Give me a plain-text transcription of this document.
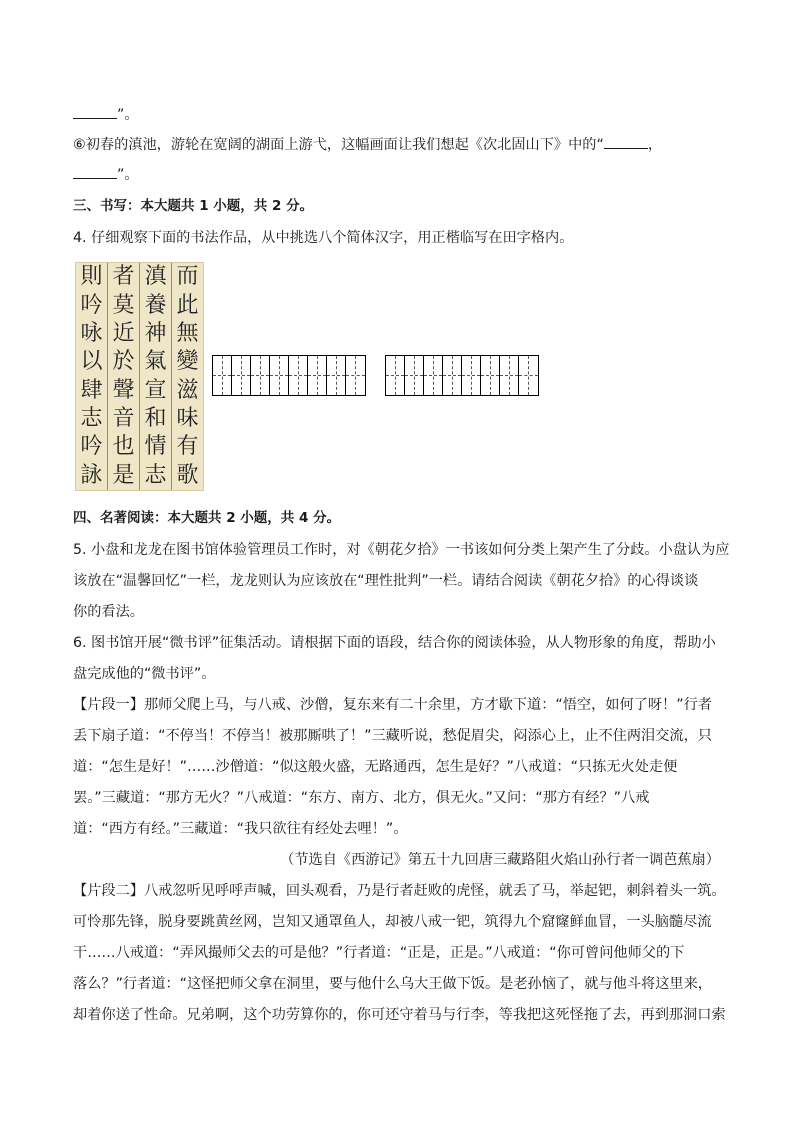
”。
⑥初春的滇池，游轮在宽阔的湖面上游弋，这幅画面让我们想起《次北固山下》中的“	，
”。
三、书写：本大题共 1 小题，共 2 分。
4. 仔细观察下面的书法作品，从中挑选八个简体汉字，用正楷临写在田字格内。
則
吟
咏
以
肆
志
吟
詠
者
莫
近
於
聲
音
也
是
滇
養
神
氣
宣
和
情
志
而
此
無
變
滋
味
有
歌
四、名著阅读：本大题共 2 小题，共 4 分。
5. 小盘和龙龙在图书馆体验管理员工作时，对《朝花夕拾》一书该如何分类上架产生了分歧。小盘认为应
该放在“温馨回忆”一栏，龙龙则认为应该放在“理性批判”一栏。请结合阅读《朝花夕拾》的心得谈谈
你的看法。
6. 图书馆开展“微书评”征集活动。请根据下面的语段，结合你的阅读体验，从人物形象的角度，帮助小
盘完成他的“微书评”。
【片段一】那师父爬上马，与八戒、沙僧，复东来有二十余里，方才歇下道：“悟空，如何了呀！”行者
丢下扇子道：“不停当！不停当！被那厮哄了！”三藏听说，愁促眉尖，闷添心上，止不住两泪交流，只
道：“怎生是好！”……沙僧道：“似这般火盛，无路通西，怎生是好？”八戒道：“只拣无火处走便
罢。”三藏道：“那方无火？”八戒道：“东方、南方、北方，俱无火。”又问：“那方有经？”八戒
道：“西方有经。”三藏道：“我只欲往有经处去哩！”。
（节选自《西游记》第五十九回唐三藏路阻火焰山孙行者一调芭蕉扇）
【片段二】八戒忽听见呼呼声喊，回头观看，乃是行者赶败的虎怪，就丢了马，举起钯，刺斜着头一筑。
可怜那先锋，脱身要跳黄丝网，岂知又通罩鱼人，却被八戒一钯，筑得九个窟窿鲜血冒，一头脑髓尽流
干……八戒道：“弄风撮师父去的可是他？”行者道：“正是，正是。”八戒道：“你可曾问他师父的下
落么？”行者道：“这怪把师父拿在洞里，要与他什么乌大王做下饭。是老孙恼了，就与他斗将这里来，
却着你送了性命。兄弟啊，这个功劳算你的，你可还守着马与行李，等我把这死怪拖了去，再到那洞口索
